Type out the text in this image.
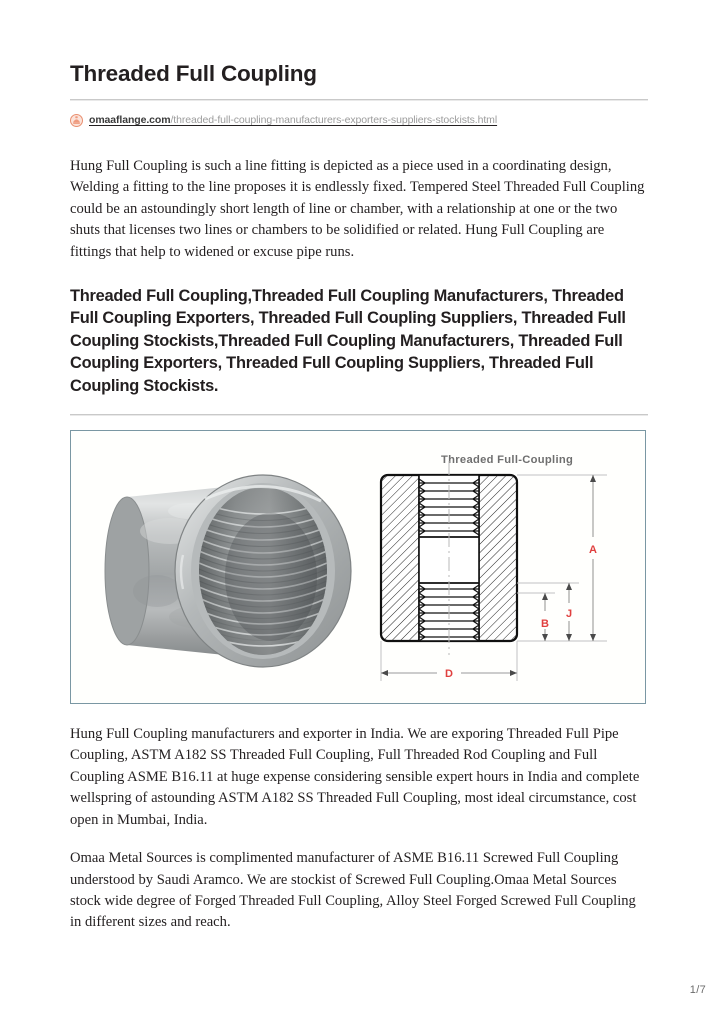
Threaded Full Coupling
omaaflange.com/threaded-full-coupling-manufacturers-exporters-suppliers-stockists.html

Hung Full Coupling is such a line fitting is depicted as a piece used in a coordinating design, Welding a fitting to the line proposes it is endlessly fixed. Tempered Steel Threaded Full Coupling could be an astoundingly short length of line or chamber, with a relationship at one or the two shuts that licenses two lines or chambers to be solidified or related. Hung Full Coupling are fittings that help to widened or excuse pipe runs.

Threaded Full Coupling,Threaded Full Coupling Manufacturers, Threaded Full Coupling Exporters, Threaded Full Coupling Suppliers, Threaded Full Coupling Stockists,Threaded Full Coupling Manufacturers, Threaded Full Coupling Exporters, Threaded Full Coupling Suppliers, Threaded Full Coupling Stockists.

Threaded Full-Coupling
A
J
B
D

Hung Full Coupling manufacturers and exporter in India. We are exporing Threaded Full Pipe Coupling, ASTM A182 SS Threaded Full Coupling, Full Threaded Rod Coupling and Full Coupling ASME B16.11 at huge expense considering sensible expert hours in India and complete wellspring of astounding ASTM A182 SS Threaded Full Coupling, most ideal circumstance, cost open in Mumbai, India.

Omaa Metal Sources is complimented manufacturer of ASME B16.11 Screwed Full Coupling understood by Saudi Aramco. We are stockist of Screwed Full Coupling.Omaa Metal Sources stock wide degree of Forged Threaded Full Coupling, Alloy Steel Forged Screwed Full Coupling in different sizes and reach.

1/7
